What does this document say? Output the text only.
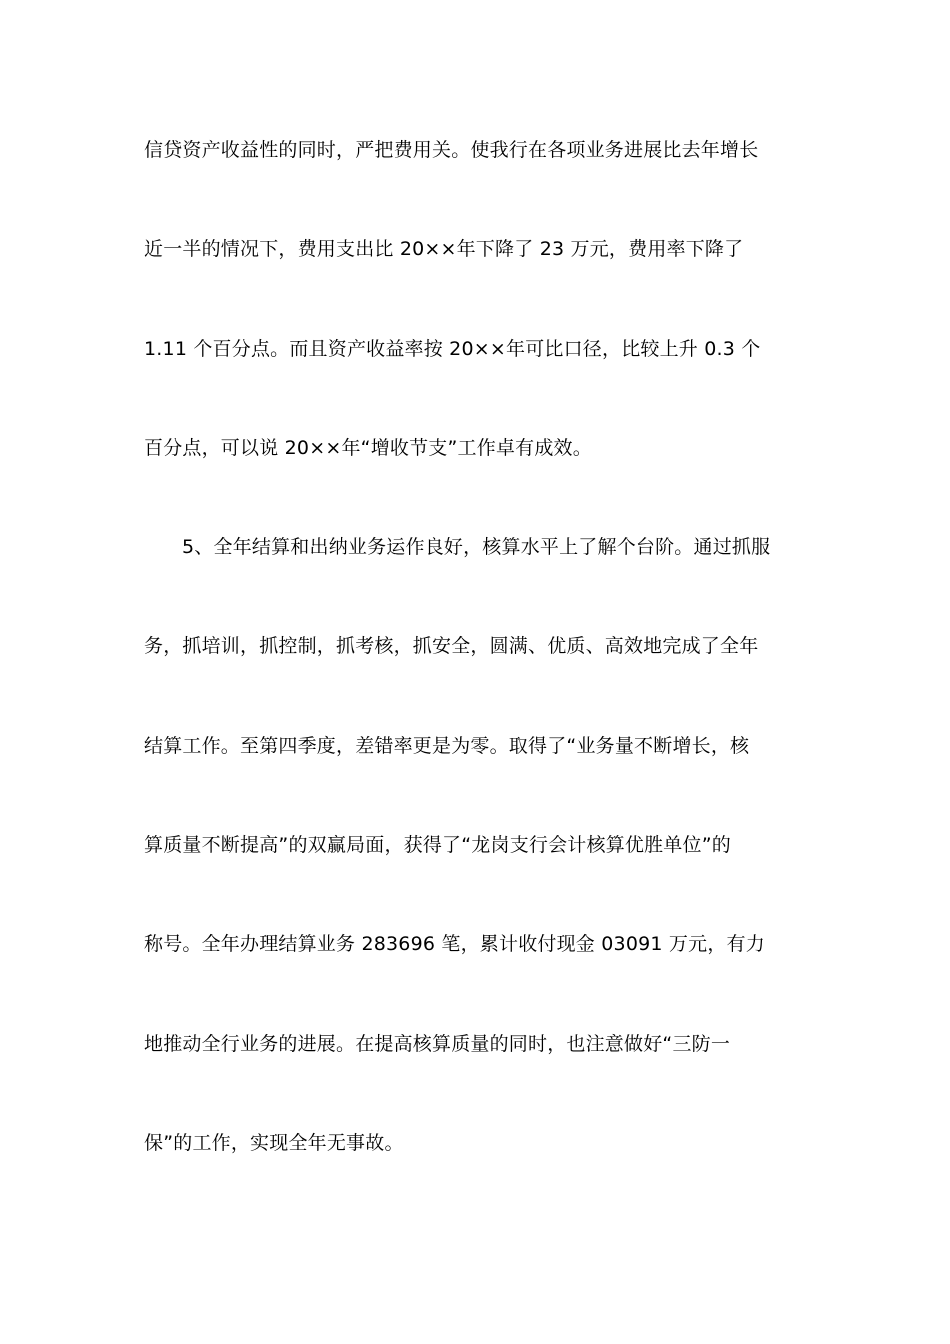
信贷资产收益性的同时，严把费用关。使我行在各项业务进展比去年增长
近一半的情况下，费用支出比 20××年下降了 23 万元，费用率下降了
1.11 个百分点。而且资产收益率按 20××年可比口径，比较上升 0.3 个
百分点，可以说 20××年“增收节支”工作卓有成效。
5、全年结算和出纳业务运作良好，核算水平上了解个台阶。通过抓服
务，抓培训，抓控制，抓考核，抓安全，圆满、优质、高效地完成了全年
结算工作。至第四季度，差错率更是为零。取得了“业务量不断增长，核
算质量不断提高”的双赢局面，获得了“龙岗支行会计核算优胜单位”的
称号。全年办理结算业务 283696 笔，累计收付现金 03091 万元，有力
地推动全行业务的进展。在提高核算质量的同时，也注意做好“三防一
保”的工作，实现全年无事故。
